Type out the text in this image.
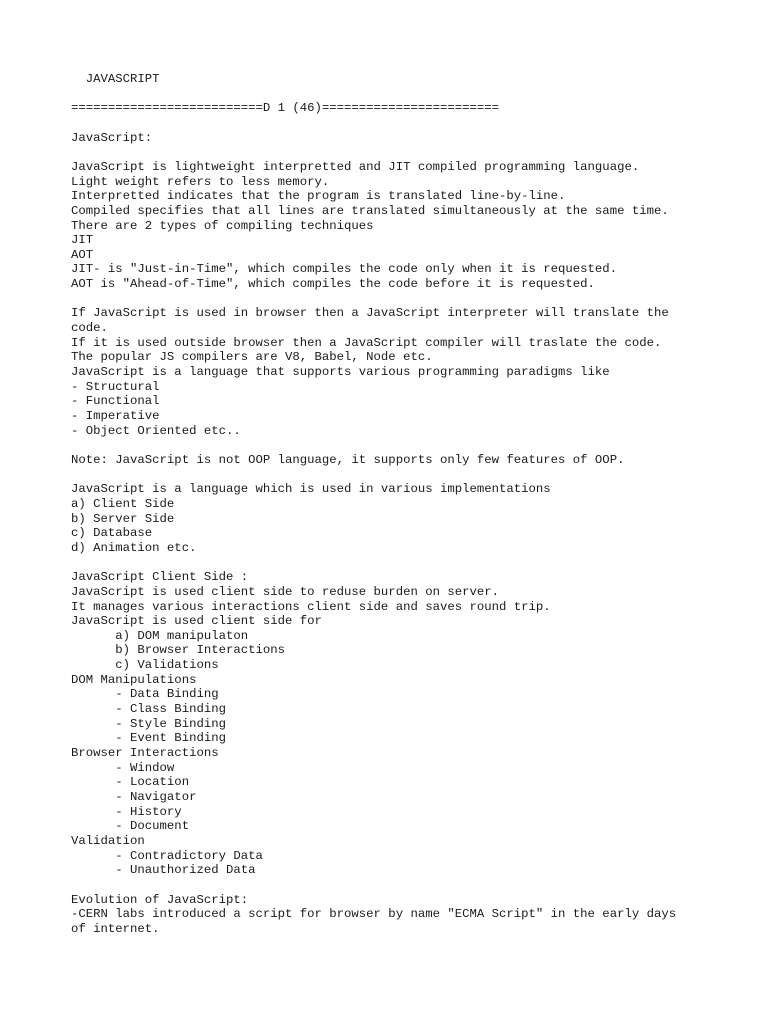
JAVASCRIPT
==========================D 1 (46)========================
JavaScript:
JavaScript is lightweight interpretted and JIT compiled programming language.
Light weight refers to less memory.
Interpretted indicates that the program is translated line-by-line.
Compiled specifies that all lines are translated simultaneously at the same time.
There are 2 types of compiling techniques
JIT
AOT
JIT- is "Just-in-Time", which compiles the code only when it is requested.
AOT is "Ahead-of-Time", which compiles the code before it is requested.
If JavaScript is used in browser then a JavaScript interpreter will translate the
code.
If it is used outside browser then a JavaScript compiler will traslate the code.
The popular JS compilers are V8, Babel, Node etc.
JavaScript is a language that supports various programming paradigms like
- Structural
- Functional
- Imperative
- Object Oriented etc..
Note: JavaScript is not OOP language, it supports only few features of OOP.
JavaScript is a language which is used in various implementations
a) Client Side
b) Server Side
c) Database
d) Animation etc.
JavaScript Client Side :
JavaScript is used client side to reduse burden on server.
It manages various interactions client side and saves round trip.
JavaScript is used client side for
a) DOM manipulaton
b) Browser Interactions
c) Validations
DOM Manipulations
- Data Binding
- Class Binding
- Style Binding
- Event Binding
Browser Interactions
- Window
- Location
- Navigator
- History
- Document
Validation
- Contradictory Data
- Unauthorized Data
Evolution of JavaScript:
-CERN labs introduced a script for browser by name "ECMA Script" in the early days
of internet.
